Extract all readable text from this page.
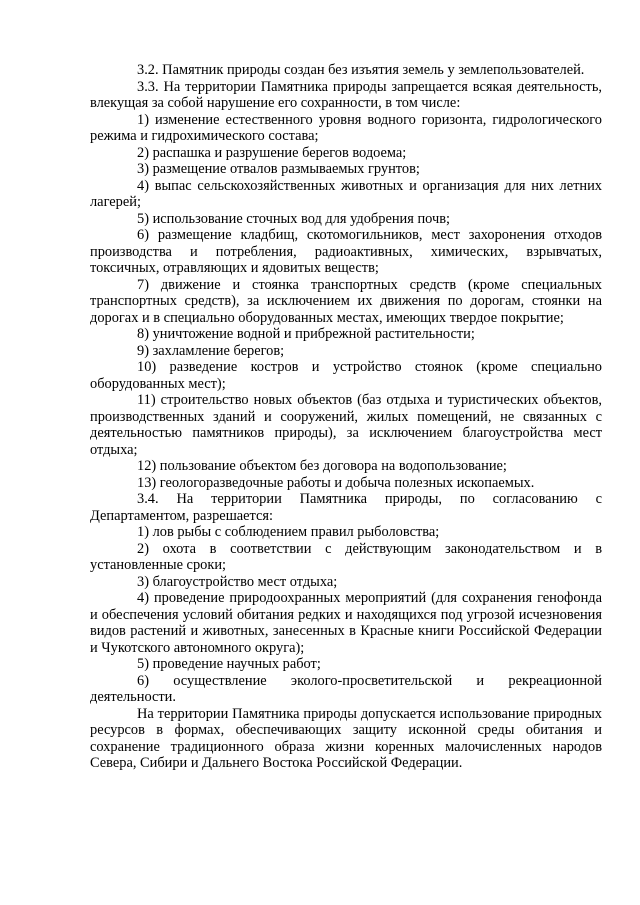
3.2. Памятник природы создан без изъятия земель у землепользователей.

3.3. На территории Памятника природы запрещается всякая деятельность, влекущая за собой нарушение его сохранности, в том числе:

1) изменение естественного уровня водного горизонта, гидрологического режима и гидрохимического состава;

2) распашка и разрушение берегов водоема;

3) размещение отвалов размываемых грунтов;

4) выпас сельскохозяйственных животных и организация для них летних лагерей;

5) использование сточных вод для удобрения почв;

6) размещение кладбищ, скотомогильников, мест захоронения отходов производства и потребления, радиоактивных, химических, взрывчатых, токсичных, отравляющих и ядовитых веществ;

7) движение и стоянка транспортных средств (кроме специальных транспортных средств), за исключением их движения по дорогам, стоянки на дорогах и в специально оборудованных местах, имеющих твердое покрытие;

8) уничтожение водной и прибрежной растительности;

9) захламление берегов;

10) разведение костров и устройство стоянок (кроме специально оборудованных мест);

11) строительство новых объектов (баз отдыха и туристических объектов, производственных зданий и сооружений, жилых помещений, не связанных с деятельностью памятников природы), за исключением благоустройства мест отдыха;

12) пользование объектом без договора на водопользование;

13) геологоразведочные работы и добыча полезных ископаемых.

3.4. На территории Памятника природы, по согласованию с Департаментом, разрешается:

1) лов рыбы с соблюдением правил рыболовства;

2) охота в соответствии с действующим законодательством и в установленные сроки;

3) благоустройство мест отдыха;

4) проведение природоохранных мероприятий (для сохранения генофонда и обеспечения условий обитания редких и находящихся под угрозой исчезновения видов растений и животных, занесенных в Красные книги Российской Федерации и Чукотского автономного округа);

5) проведение научных работ;

6) осуществление эколого-просветительской и рекреационной деятельности.

На территории Памятника природы допускается использование природных ресурсов в формах, обеспечивающих защиту исконной среды обитания и сохранение традиционного образа жизни коренных малочисленных народов Севера, Сибири и Дальнего Востока Российской Федерации.
